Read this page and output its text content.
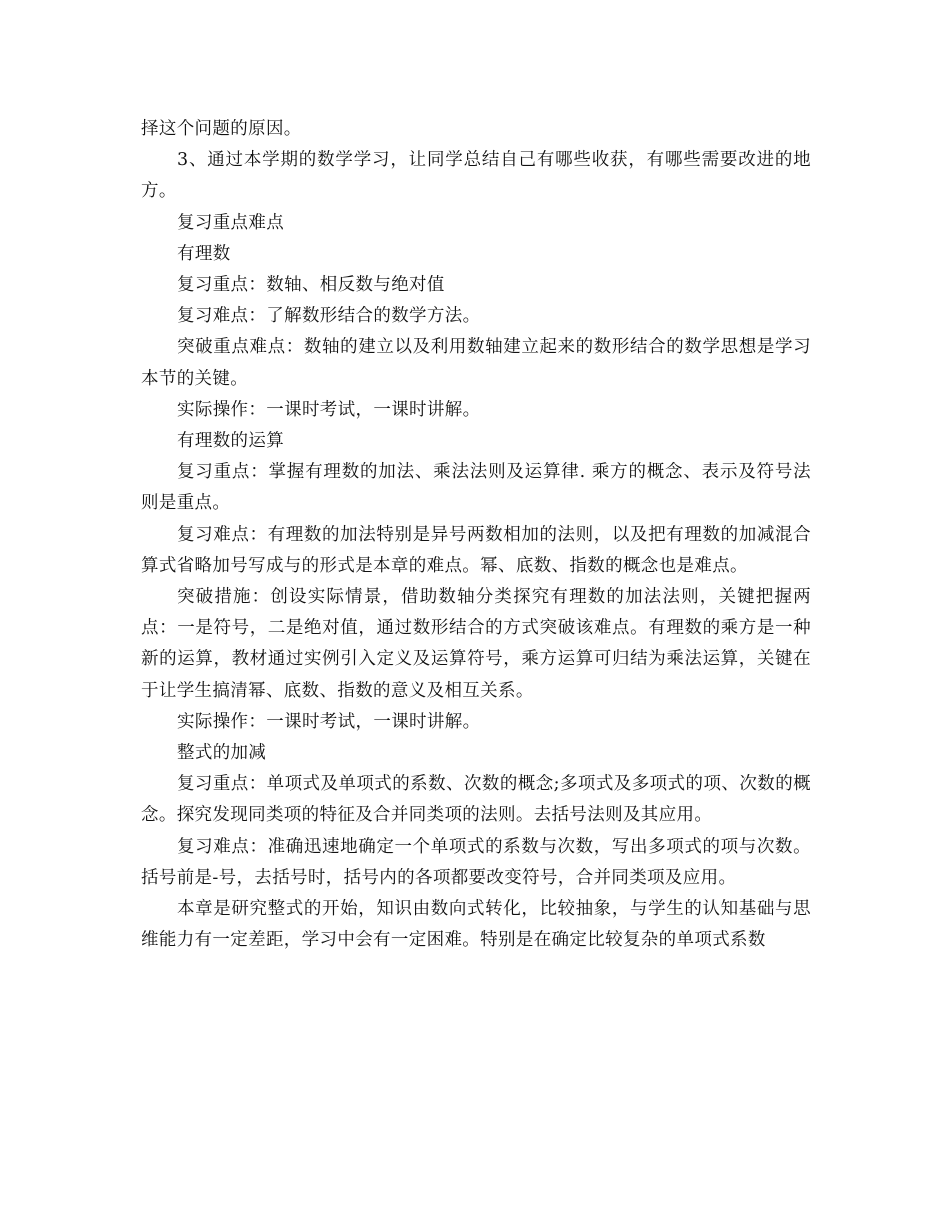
择这个问题的原因。

3、通过本学期的数学学习，让同学总结自己有哪些收获，有哪些需要改进的地方。

复习重点难点

有理数

复习重点：数轴、相反数与绝对值

复习难点：了解数形结合的数学方法。

突破重点难点：数轴的建立以及利用数轴建立起来的数形结合的数学思想是学习本节的关键。

实际操作：一课时考试，一课时讲解。

有理数的运算

复习重点：掌握有理数的加法、乘法法则及运算律. 乘方的概念、表示及符号法则是重点。

复习难点：有理数的加法特别是异号两数相加的法则，以及把有理数的加减混合算式省略加号写成与的形式是本章的难点。幂、底数、指数的概念也是难点。

突破措施：创设实际情景，借助数轴分类探究有理数的加法法则，关键把握两点：一是符号，二是绝对值，通过数形结合的方式突破该难点。有理数的乘方是一种新的运算，教材通过实例引入定义及运算符号，乘方运算可归结为乘法运算，关键在于让学生搞清幂、底数、指数的意义及相互关系。

实际操作：一课时考试，一课时讲解。

整式的加减

复习重点：单项式及单项式的系数、次数的概念;多项式及多项式的项、次数的概念。探究发现同类项的特征及合并同类项的法则。去括号法则及其应用。

复习难点：准确迅速地确定一个单项式的系数与次数，写出多项式的项与次数。括号前是-号，去括号时，括号内的各项都要改变符号，合并同类项及应用。

本章是研究整式的开始，知识由数向式转化，比较抽象，与学生的认知基础与思维能力有一定差距，学习中会有一定困难。特别是在确定比较复杂的单项式系数
